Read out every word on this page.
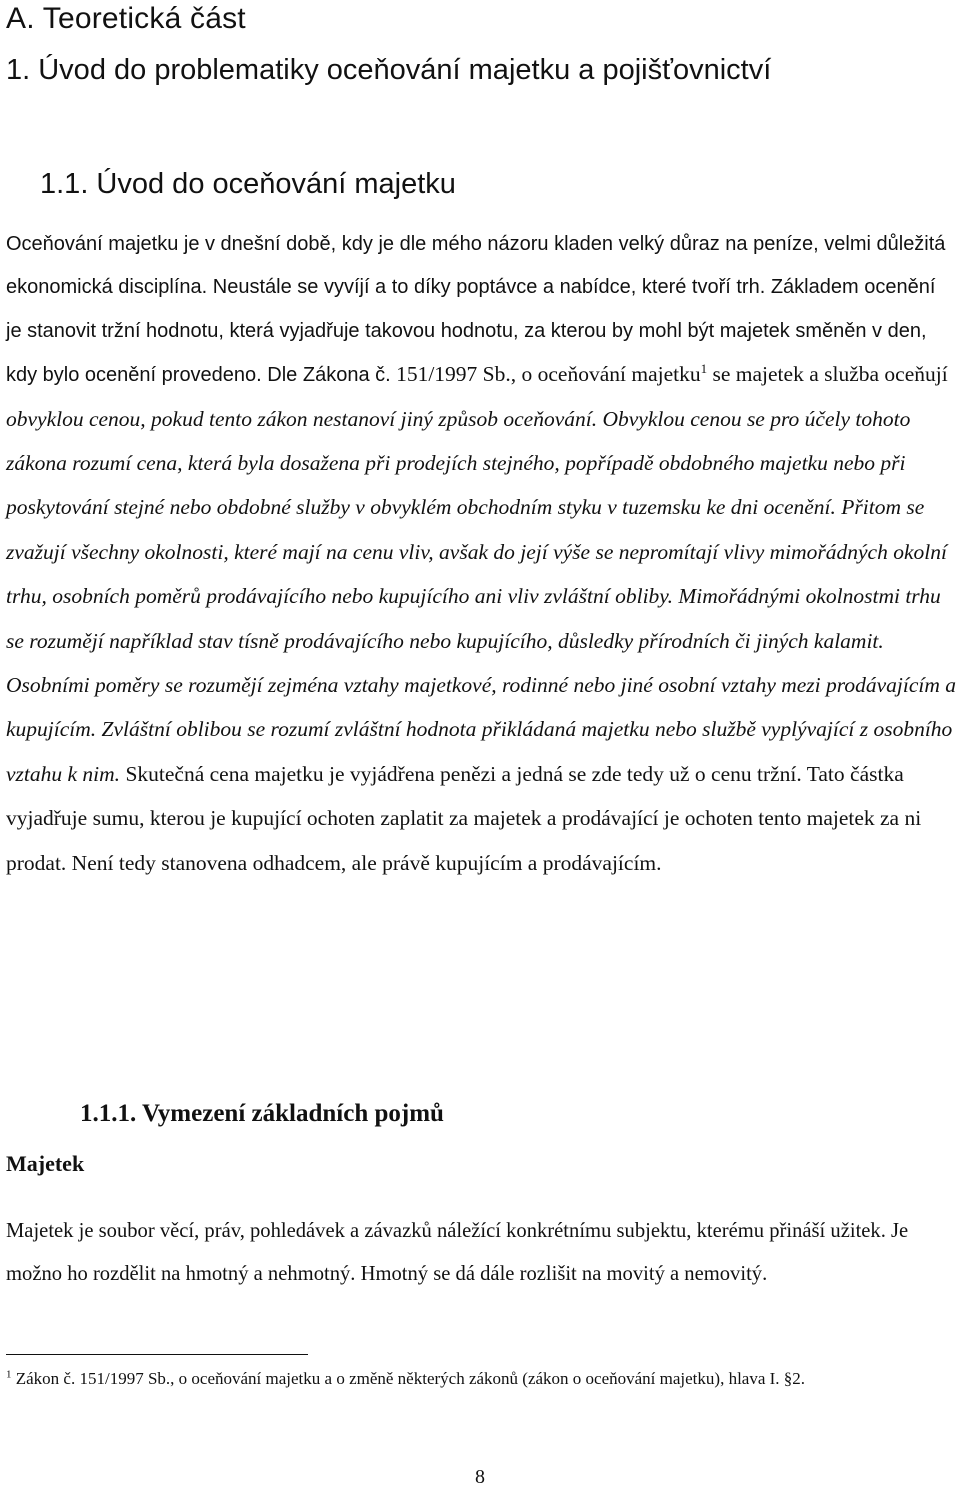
A. Teoretická část
1. Úvod do problematiky oceňování majetku a pojišťovnictví
1.1. Úvod do oceňování majetku

Oceňování majetku je v dnešní době, kdy je dle mého názoru kladen velký důraz na peníze, velmi důležitá ekonomická disciplína. Neustále se vyvíjí a to díky poptávce a nabídce, které tvoří trh. Základem ocenění je stanovit tržní hodnotu, která vyjadřuje takovou hodnotu, za kterou by mohl být majetek směněn v den, kdy bylo ocenění provedeno. Dle Zákona č. 151/1997 Sb., o oceňování majetku$^1$ se majetek a služba oceňují obvyklou cenou, pokud tento zákon nestanoví jiný způsob oceňování. Obvyklou cenou se pro účely tohoto zákona rozumí cena, která byla dosažena při prodejích stejného, popřípadě obdobného majetku nebo při poskytování stejné nebo obdobné služby v obvyklém obchodním styku v tuzemsku ke dni ocenění. Přitom se zvažují všechny okolnosti, které mají na cenu vliv, avšak do její výše se nepromítají vlivy mimořádných okolní trhu, osobních poměrů prodávajícího nebo kupujícího ani vliv zvláštní obliby. Mimořádnými okolnostmi trhu se rozumějí například stav tísně prodávajícího nebo kupujícího, důsledky přírodních či jiných kalamit. Osobními poměry se rozumějí zejména vztahy majetkové, rodinné nebo jiné osobní vztahy mezi prodávajícím a kupujícím. Zvláštní oblibou se rozumí zvláštní hodnota přikládaná majetku nebo službě vyplývající z osobního vztahu k nim. Skutečná cena majetku je vyjádřena penězi a jedná se zde tedy už o cenu tržní. Tato částka vyjadřuje sumu, kterou je kupující ochoten zaplatit za majetek a prodávající je ochoten tento majetek za ni prodat. Není tedy stanovena odhadcem, ale právě kupujícím a prodávajícím.

1.1.1. Vymezení základních pojmů
Majetek

Majetek je soubor věcí, práv, pohledávek a závazků náležící konkrétnímu subjektu, kterému přináší užitek. Je možno ho rozdělit na hmotný a nehmotný. Hmotný se dá dále rozlišit na movitý a nemovitý.

$^1$ Zákon č. 151/1997 Sb., o oceňování majetku a o změně některých zákonů (zákon o oceňování majetku), hlava I. §2.

8
